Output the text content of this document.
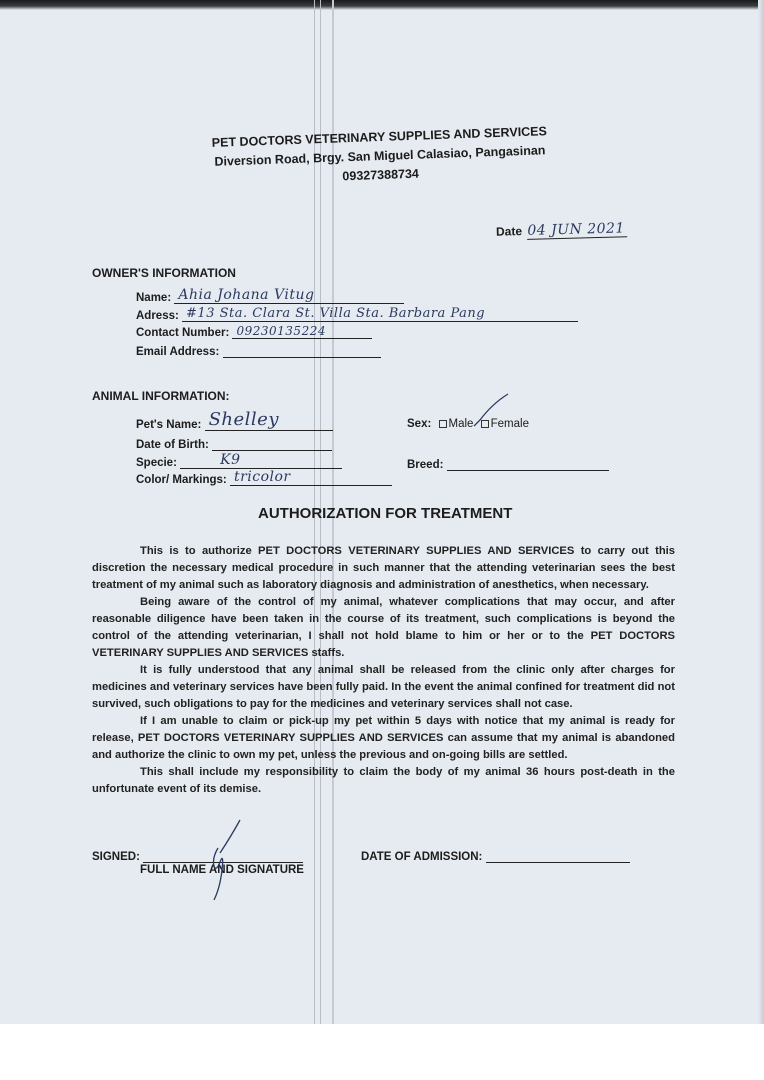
PET DOCTORS VETERINARY SUPPLIES AND SERVICES
Diversion Road, Brgy. San Miguel Calasiao, Pangasinan
09327388734
Date 04 JUN 2021
OWNER'S INFORMATION
Name: Ahia Johana Vitug
Adress: #13 Sta. Clara St. Villa Sta. Barbara Pang
Contact Number: 09230135224
Email Address:
ANIMAL INFORMATION:
Pet's Name: Shelley
Date of Birth:
Specie:	K9
Color/ Markings: tricolor
Sex: Male Female
Breed:
AUTHORIZATION FOR TREATMENT

This is to authorize PET DOCTORS VETERINARY SUPPLIES AND SERVICES to carry out this discretion the necessary medical procedure in such manner that the attending veterinarian sees the best treatment of my animal such as laboratory diagnosis and administration of anesthetics, when necessary.

Being aware of the control of my animal, whatever complications that may occur, and after reasonable diligence have been taken in the course of its treatment, such complications is beyond the control of the attending veterinarian, I shall not hold blame to him or her or to the PET DOCTORS VETERINARY SUPPLIES AND SERVICES staffs.

It is fully understood that any animal shall be released from the clinic only after charges for medicines and veterinary services have been fully paid. In the event the animal confined for treatment did not survived, such obligations to pay for the medicines and veterinary services shall not case.

If I am unable to claim or pick-up my pet within 5 days with notice that my animal is ready for release, PET DOCTORS VETERINARY SUPPLIES AND SERVICES can assume that my animal is abandoned and authorize the clinic to own my pet, unless the previous and on-going bills are settled.

This shall include my responsibility to claim the body of my animal 36 hours post-death in the unfortunate event of its demise.

SIGNED:
FULL NAME AND SIGNATURE
DATE OF ADMISSION:
